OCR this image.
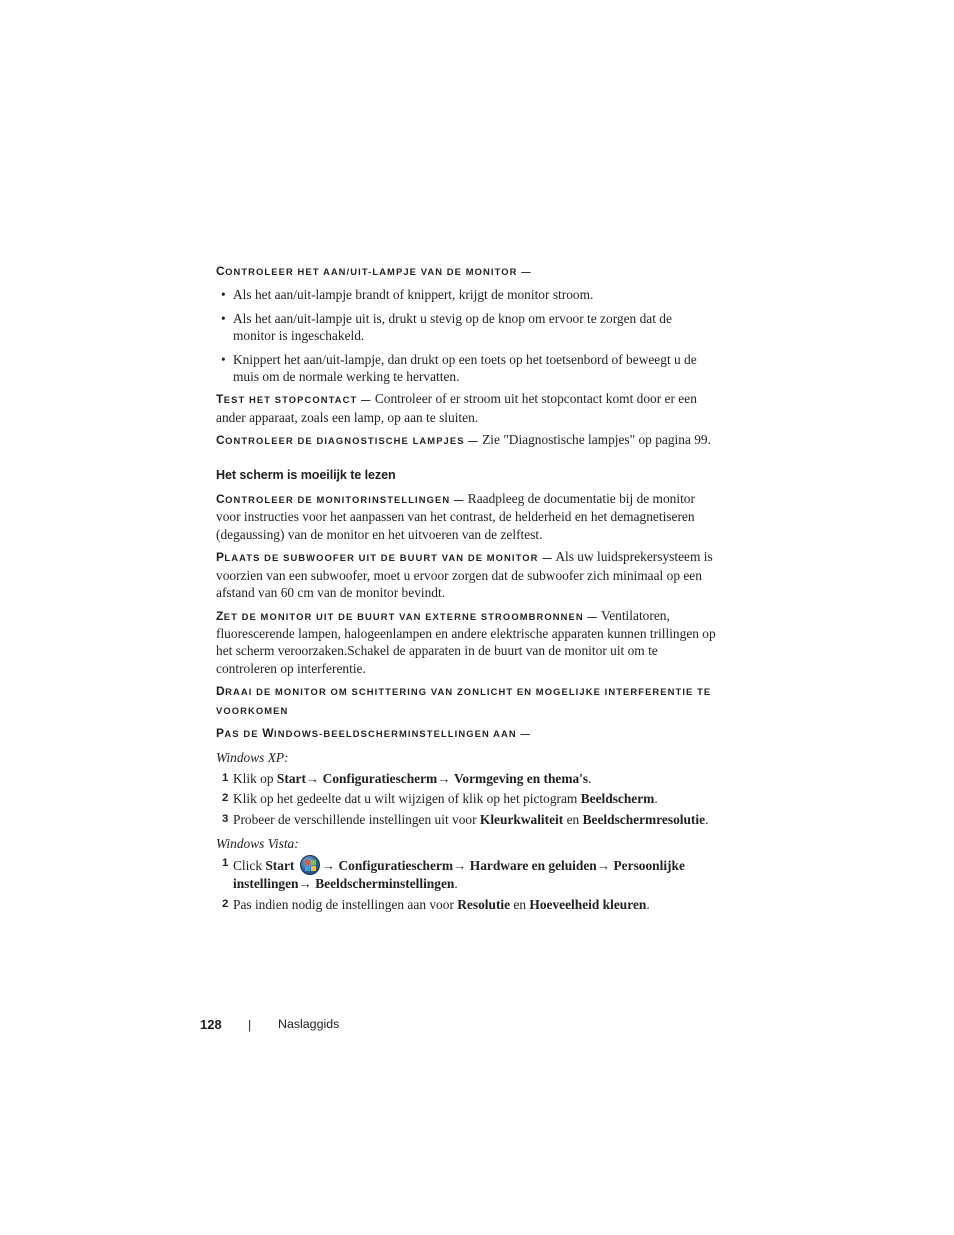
CONTROLEER HET AAN/UIT-LAMPJE VAN DE MONITOR —

• Als het aan/uit-lampje brandt of knippert, krijgt de monitor stroom.
• Als het aan/uit-lampje uit is, drukt u stevig op de knop om ervoor te zorgen dat de monitor is ingeschakeld.
• Knippert het aan/uit-lampje, dan drukt op een toets op het toetsenbord of beweegt u de muis om de normale werking te hervatten.

TEST HET STOPCONTACT — Controleer of er stroom uit het stopcontact komt door er een ander apparaat, zoals een lamp, op aan te sluiten.

CONTROLEER DE DIAGNOSTISCHE LAMPJES — Zie "Diagnostische lampjes" op pagina 99.

Het scherm is moeilijk te lezen

CONTROLEER DE MONITORINSTELLINGEN — Raadpleeg de documentatie bij de monitor voor instructies voor het aanpassen van het contrast, de helderheid en het demagnetiseren (degaussing) van de monitor en het uitvoeren van de zelftest.

PLAATS DE SUBWOOFER UIT DE BUURT VAN DE MONITOR — Als uw luidsprekersysteem is voorzien van een subwoofer, moet u ervoor zorgen dat de subwoofer zich minimaal op een afstand van 60 cm van de monitor bevindt.

ZET DE MONITOR UIT DE BUURT VAN EXTERNE STROOMBRONNEN — Ventilatoren, fluorescerende lampen, halogeenlampen en andere elektrische apparaten kunnen trillingen op het scherm veroorzaken.Schakel de apparaten in de buurt van de monitor uit om te controleren op interferentie.

DRAAI DE MONITOR OM SCHITTERING VAN ZONLICHT EN MOGELIJKE INTERFERENTIE TE VOORKOMEN

PAS DE WINDOWS-BEELDSCHERMINSTELLINGEN AAN —

Windows XP:

1 Klik op Start→ Configuratiescherm→ Vormgeving en thema's.
2 Klik op het gedeelte dat u wilt wijzigen of klik op het pictogram Beeldscherm.
3 Probeer de verschillende instellingen uit voor Kleurkwaliteit en Beeldschermresolutie.

Windows Vista:

1 Click Start → Configuratiescherm→ Hardware en geluiden→ Persoonlijke instellingen→ Beeldscherminstellingen.
2 Pas indien nodig de instellingen aan voor Resolutie en Hoeveelheid kleuren.
128 | Naslaggids
